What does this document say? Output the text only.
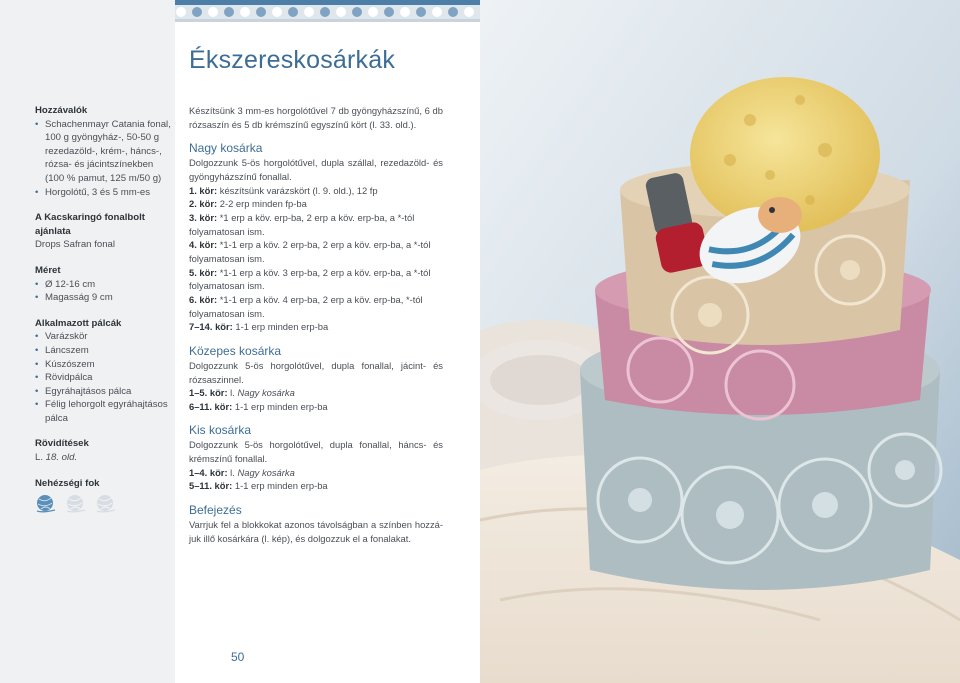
Ékszereskosárkák

Hozzávalók

• Schachenmayr Catania fonal, 100 g gyöngyház-, 50-50 g rezedazöld-, krém-, háncs-, rózsa- és jácintszínekben (100 % pamut, 125 m/50 g)
• Horgolótű, 3 és 5 mm-es

A Kacskaringó fonalbolt ajánlata

Drops Safran fonal

Méret

• Ø 12-16 cm
• Magasság 9 cm

Alkalmazott pálcák

• Varázskör
• Láncszem
• Kúszószem
• Rövidpálca
• Egyráhajtásos pálca
• Félig lehorgolt egyráhajtásos pálca

Rövidítések

L. 18. old.

Nehézségi fok

Készítsünk 3 mm-es horgolótűvel 7 db gyöngyházszínű, 6 db rózsaszín és 5 db krémszínű egyszínű kört (l. 33. old.).

Nagy kosárka

Dolgozzunk 5-ös horgolótűvel, dupla szállal, rezedazöld- és gyöngyházszínű fonallal.

1. kör: készítsünk varázskört (l. 9. old.), 12 fp

2. kör: 2-2 erp minden fp-ba

3. kör: *1 erp a köv. erp-ba, 2 erp a köv. erp-ba, a *-tól folyamatosan ism.

4. kör: *1-1 erp a köv. 2 erp-ba, 2 erp a köv. erp-ba, a *-tól folyamatosan ism.

5. kör: *1-1 erp a köv. 3 erp-ba, 2 erp a köv. erp-ba, a *-tól folyamatosan ism.

6. kör: *1-1 erp a köv. 4 erp-ba, 2 erp a köv. erp-ba, *-tól folyamatosan ism.

7–14. kör: 1-1 erp minden erp-ba

Közepes kosárka

Dolgozzunk 5-ös horgolótűvel, dupla fonallal, jácint- és rózsaszinnel.

1–5. kör: l. Nagy kosárka

6–11. kör: 1-1 erp minden erp-ba

Kis kosárka

Dolgozzunk 5-ös horgolótűvel, dupla fonallal, háncs- és krémszínű fonallal.

1–4. kör: l. Nagy kosárka

5–11. kör: 1-1 erp minden erp-ba

Befejezés

Varrjuk fel a blokkokat azonos távolságban a színben hozzá-juk illő kosárkára (l. kép), és dolgozzuk el a fonalakat.

50
